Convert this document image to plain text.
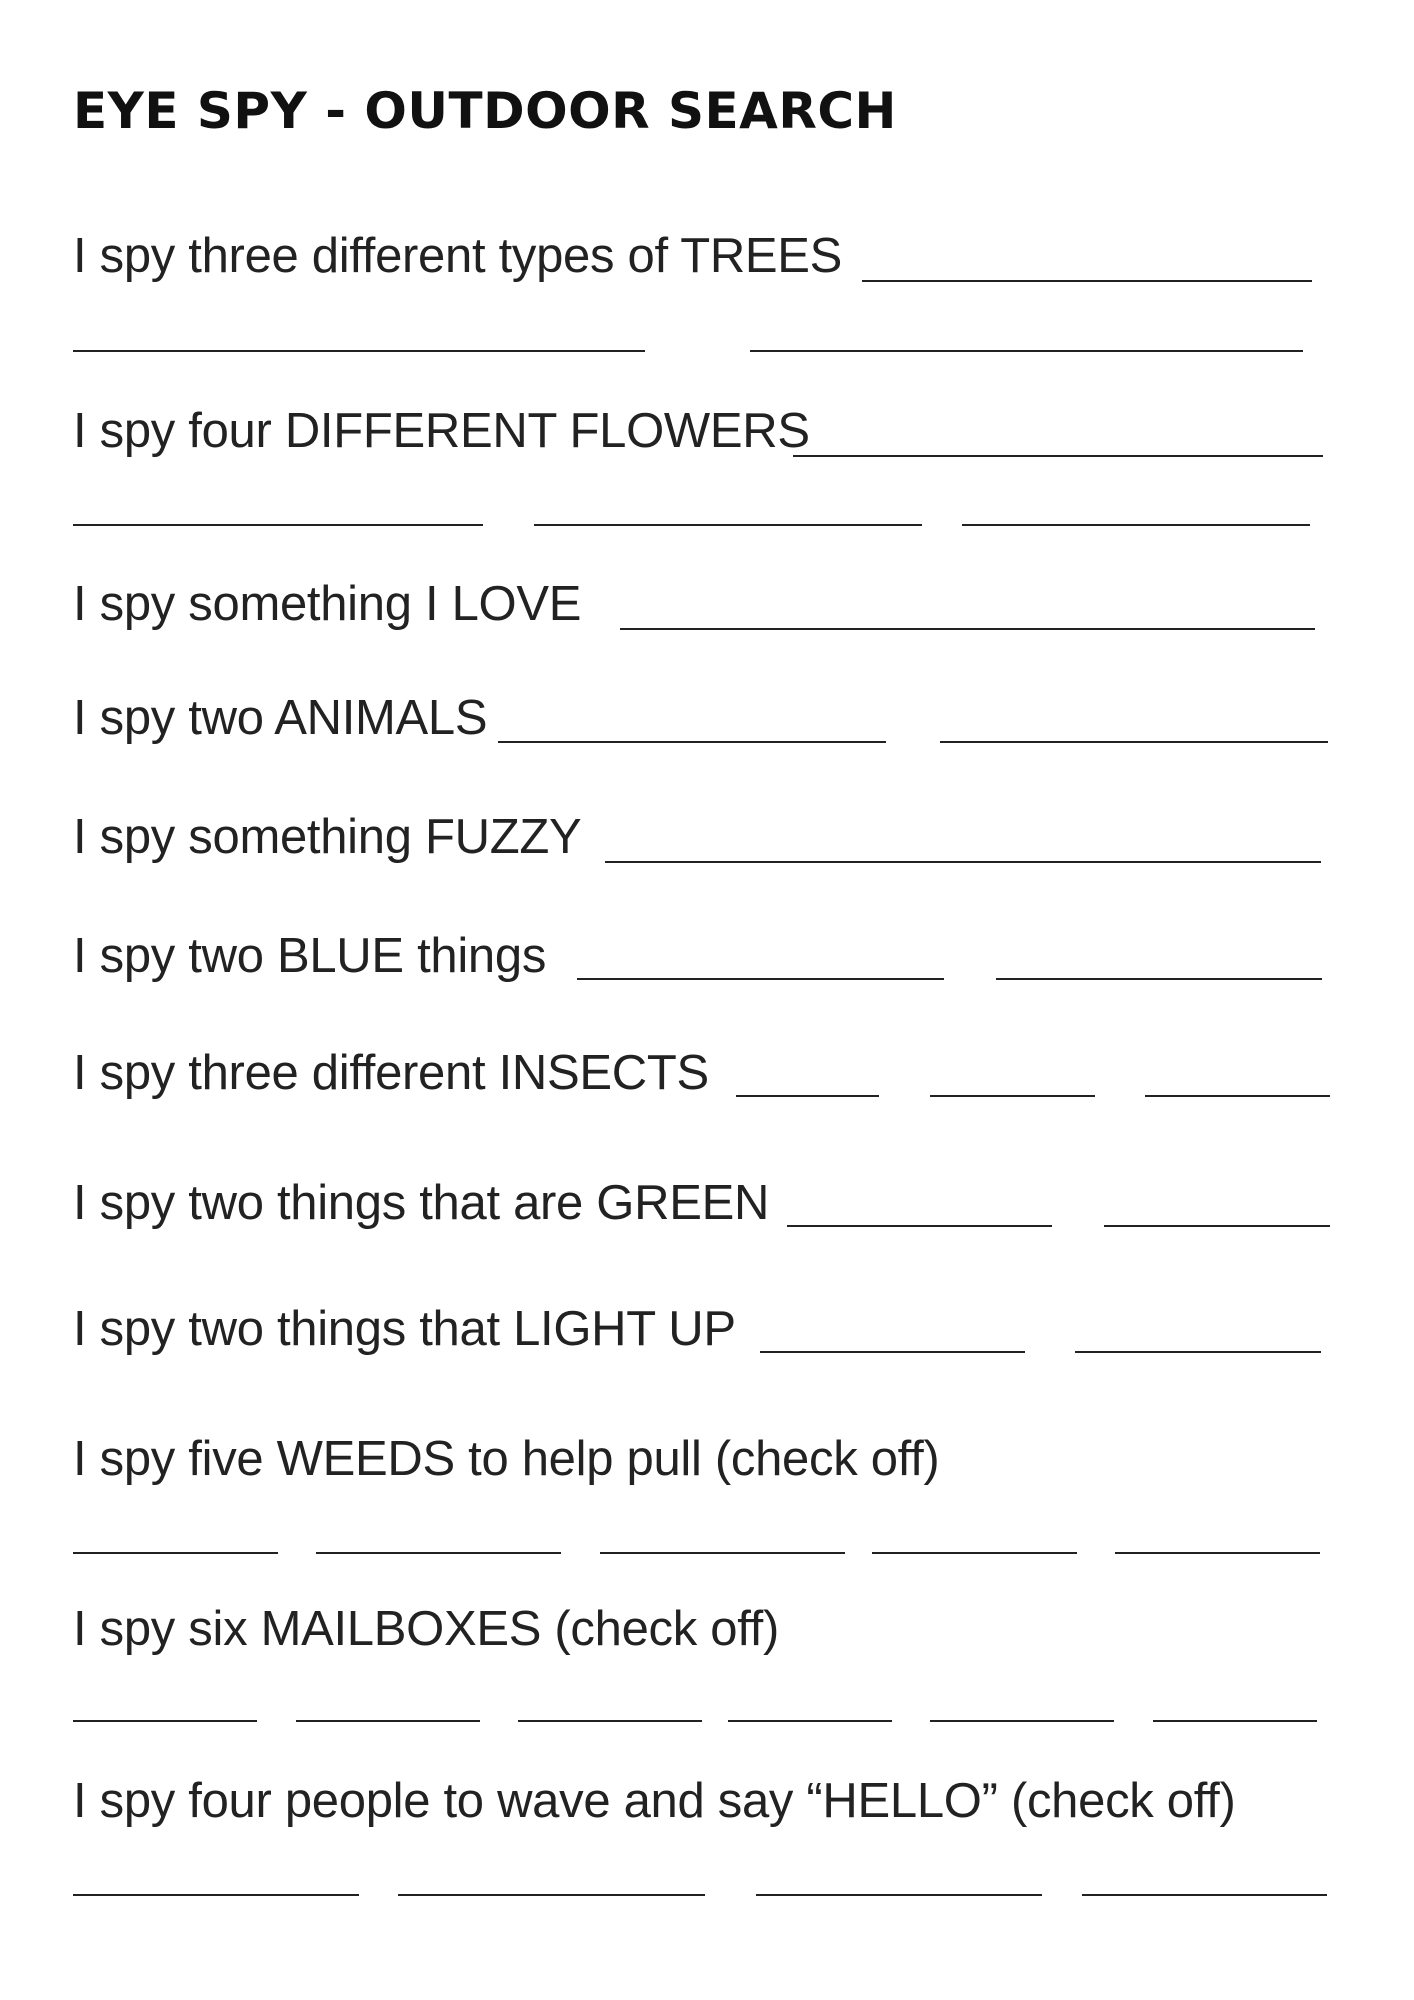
EYE SPY - OUTDOOR SEARCH
I spy three different types of TREES
I spy four DIFFERENT FLOWERS
I spy something I LOVE
I spy two ANIMALS
I spy something FUZZY
I spy two BLUE things
I spy three different INSECTS
I spy two things that are GREEN
I spy two things that LIGHT UP
I spy five WEEDS to help pull (check off)
I spy six MAILBOXES (check off)
I spy four people to wave and say “HELLO” (check off)
